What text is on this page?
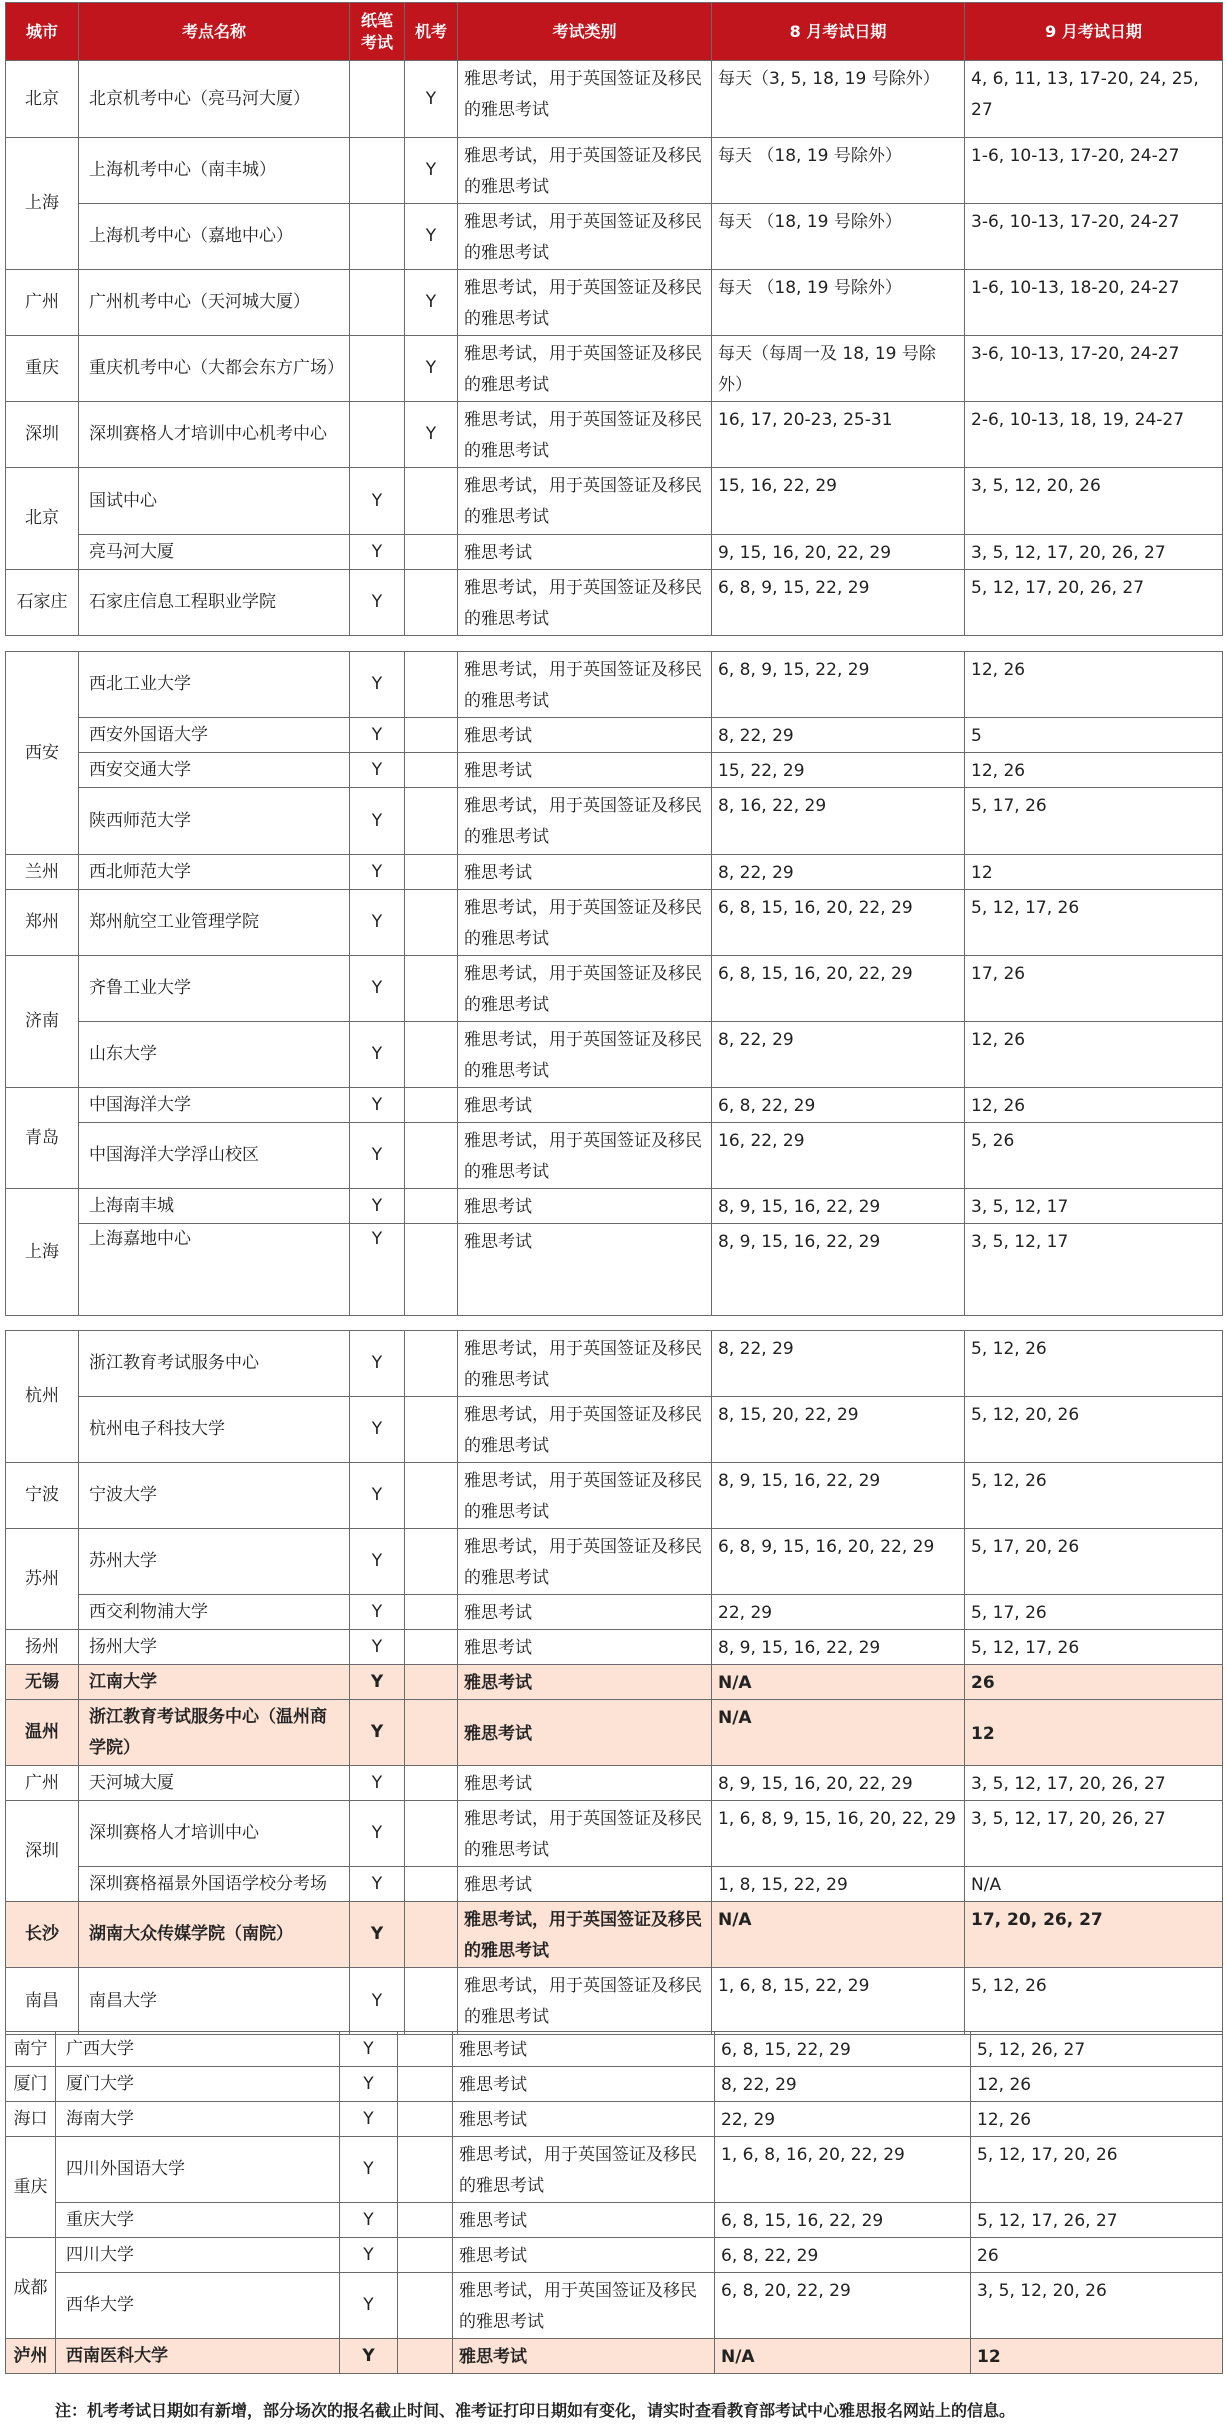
城市	考点名称	纸笔考试	机考	考试类别	8 月考试日期	9 月考试日期
北京	北京机考中心（亮马河大厦）		Y	雅思考试，用于英国签证及移民的雅思考试	每天（3, 5, 18, 19 号除外）	4, 6, 11, 13, 17-20, 24, 25, 27
上海	上海机考中心（南丰城）		Y	雅思考试，用于英国签证及移民的雅思考试	每天 （18, 19 号除外）	1-6, 10-13, 17-20, 24-27
	上海机考中心（嘉地中心）		Y	雅思考试，用于英国签证及移民的雅思考试	每天 （18, 19 号除外）	3-6, 10-13, 17-20, 24-27
广州	广州机考中心（天河城大厦）		Y	雅思考试，用于英国签证及移民的雅思考试	每天 （18, 19 号除外）	1-6, 10-13, 18-20, 24-27
重庆	重庆机考中心（大都会东方广场）		Y	雅思考试，用于英国签证及移民的雅思考试	每天（每周一及 18, 19 号除外）	3-6, 10-13, 17-20, 24-27
深圳	深圳赛格人才培训中心机考中心		Y	雅思考试，用于英国签证及移民的雅思考试	16, 17, 20-23, 25-31	2-6, 10-13, 18, 19, 24-27
北京	国试中心	Y		雅思考试，用于英国签证及移民的雅思考试	15, 16, 22, 29	3, 5, 12, 20, 26
	亮马河大厦	Y		雅思考试	9, 15, 16, 20, 22, 29	3, 5, 12, 17, 20, 26, 27
石家庄	石家庄信息工程职业学院	Y		雅思考试，用于英国签证及移民的雅思考试	6, 8, 9, 15, 22, 29	5, 12, 17, 20, 26, 27
西安	西北工业大学	Y		雅思考试，用于英国签证及移民的雅思考试	6, 8, 9, 15, 22, 29	12, 26
	西安外国语大学	Y		雅思考试	8, 22, 29	5
	西安交通大学	Y		雅思考试	15, 22, 29	12, 26
	陕西师范大学	Y		雅思考试，用于英国签证及移民的雅思考试	8, 16, 22, 29	5, 17, 26
兰州	西北师范大学	Y		雅思考试	8, 22, 29	12
郑州	郑州航空工业管理学院	Y		雅思考试，用于英国签证及移民的雅思考试	6, 8, 15, 16, 20, 22, 29	5, 12, 17, 26
济南	齐鲁工业大学	Y		雅思考试，用于英国签证及移民的雅思考试	6, 8, 15, 16, 20, 22, 29	17, 26
	山东大学	Y		雅思考试，用于英国签证及移民的雅思考试	8, 22, 29	12, 26
青岛	中国海洋大学	Y		雅思考试	6, 8, 22, 29	12, 26
	中国海洋大学浮山校区	Y		雅思考试，用于英国签证及移民的雅思考试	16, 22, 29	5, 26
上海	上海南丰城	Y		雅思考试	8, 9, 15, 16, 22, 29	3, 5, 12, 17
	上海嘉地中心	Y		雅思考试	8, 9, 15, 16, 22, 29	3, 5, 12, 17
杭州	浙江教育考试服务中心	Y		雅思考试，用于英国签证及移民的雅思考试	8, 22, 29	5, 12, 26
	杭州电子科技大学	Y		雅思考试，用于英国签证及移民的雅思考试	8, 15, 20, 22, 29	5, 12, 20, 26
宁波	宁波大学	Y		雅思考试，用于英国签证及移民的雅思考试	8, 9, 15, 16, 22, 29	5, 12, 26
苏州	苏州大学	Y		雅思考试，用于英国签证及移民的雅思考试	6, 8, 9, 15, 16, 20, 22, 29	5, 17, 20, 26
	西交利物浦大学	Y		雅思考试	22, 29	5, 17, 26
扬州	扬州大学	Y		雅思考试	8, 9, 15, 16, 22, 29	5, 12, 17, 26
无锡	江南大学	Y		雅思考试	N/A	26
温州	浙江教育考试服务中心（温州商学院）	Y		雅思考试	N/A	12
广州	天河城大厦	Y		雅思考试	8, 9, 15, 16, 20, 22, 29	3, 5, 12, 17, 20, 26, 27
深圳	深圳赛格人才培训中心	Y		雅思考试，用于英国签证及移民的雅思考试	1, 6, 8, 9, 15, 16, 20, 22, 29	3, 5, 12, 17, 20, 26, 27
	深圳赛格福景外国语学校分考场	Y		雅思考试	1, 8, 15, 22, 29	N/A
长沙	湖南大众传媒学院（南院）	Y		雅思考试，用于英国签证及移民的雅思考试	N/A	17, 20, 26, 27
南昌	南昌大学	Y		雅思考试，用于英国签证及移民的雅思考试	1, 6, 8, 15, 22, 29	5, 12, 26
南宁	广西大学	Y		雅思考试	6, 8, 15, 22, 29	5, 12, 26, 27
厦门	厦门大学	Y		雅思考试	8, 22, 29	12, 26
海口	海南大学	Y		雅思考试	22, 29	12, 26
重庆	四川外国语大学	Y		雅思考试，用于英国签证及移民的雅思考试	1, 6, 8, 16, 20, 22, 29	5, 12, 17, 20, 26
	重庆大学	Y		雅思考试	6, 8, 15, 16, 22, 29	5, 12, 17, 26, 27
成都	四川大学	Y		雅思考试	6, 8, 22, 29	26
	西华大学	Y		雅思考试，用于英国签证及移民的雅思考试	6, 8, 20, 22, 29	3, 5, 12, 20, 26
泸州	西南医科大学	Y		雅思考试	N/A	12
注：机考考试日期如有新增，部分场次的报名截止时间、准考证打印日期如有变化，请实时查看教育部考试中心雅思报名网站上的信息。
